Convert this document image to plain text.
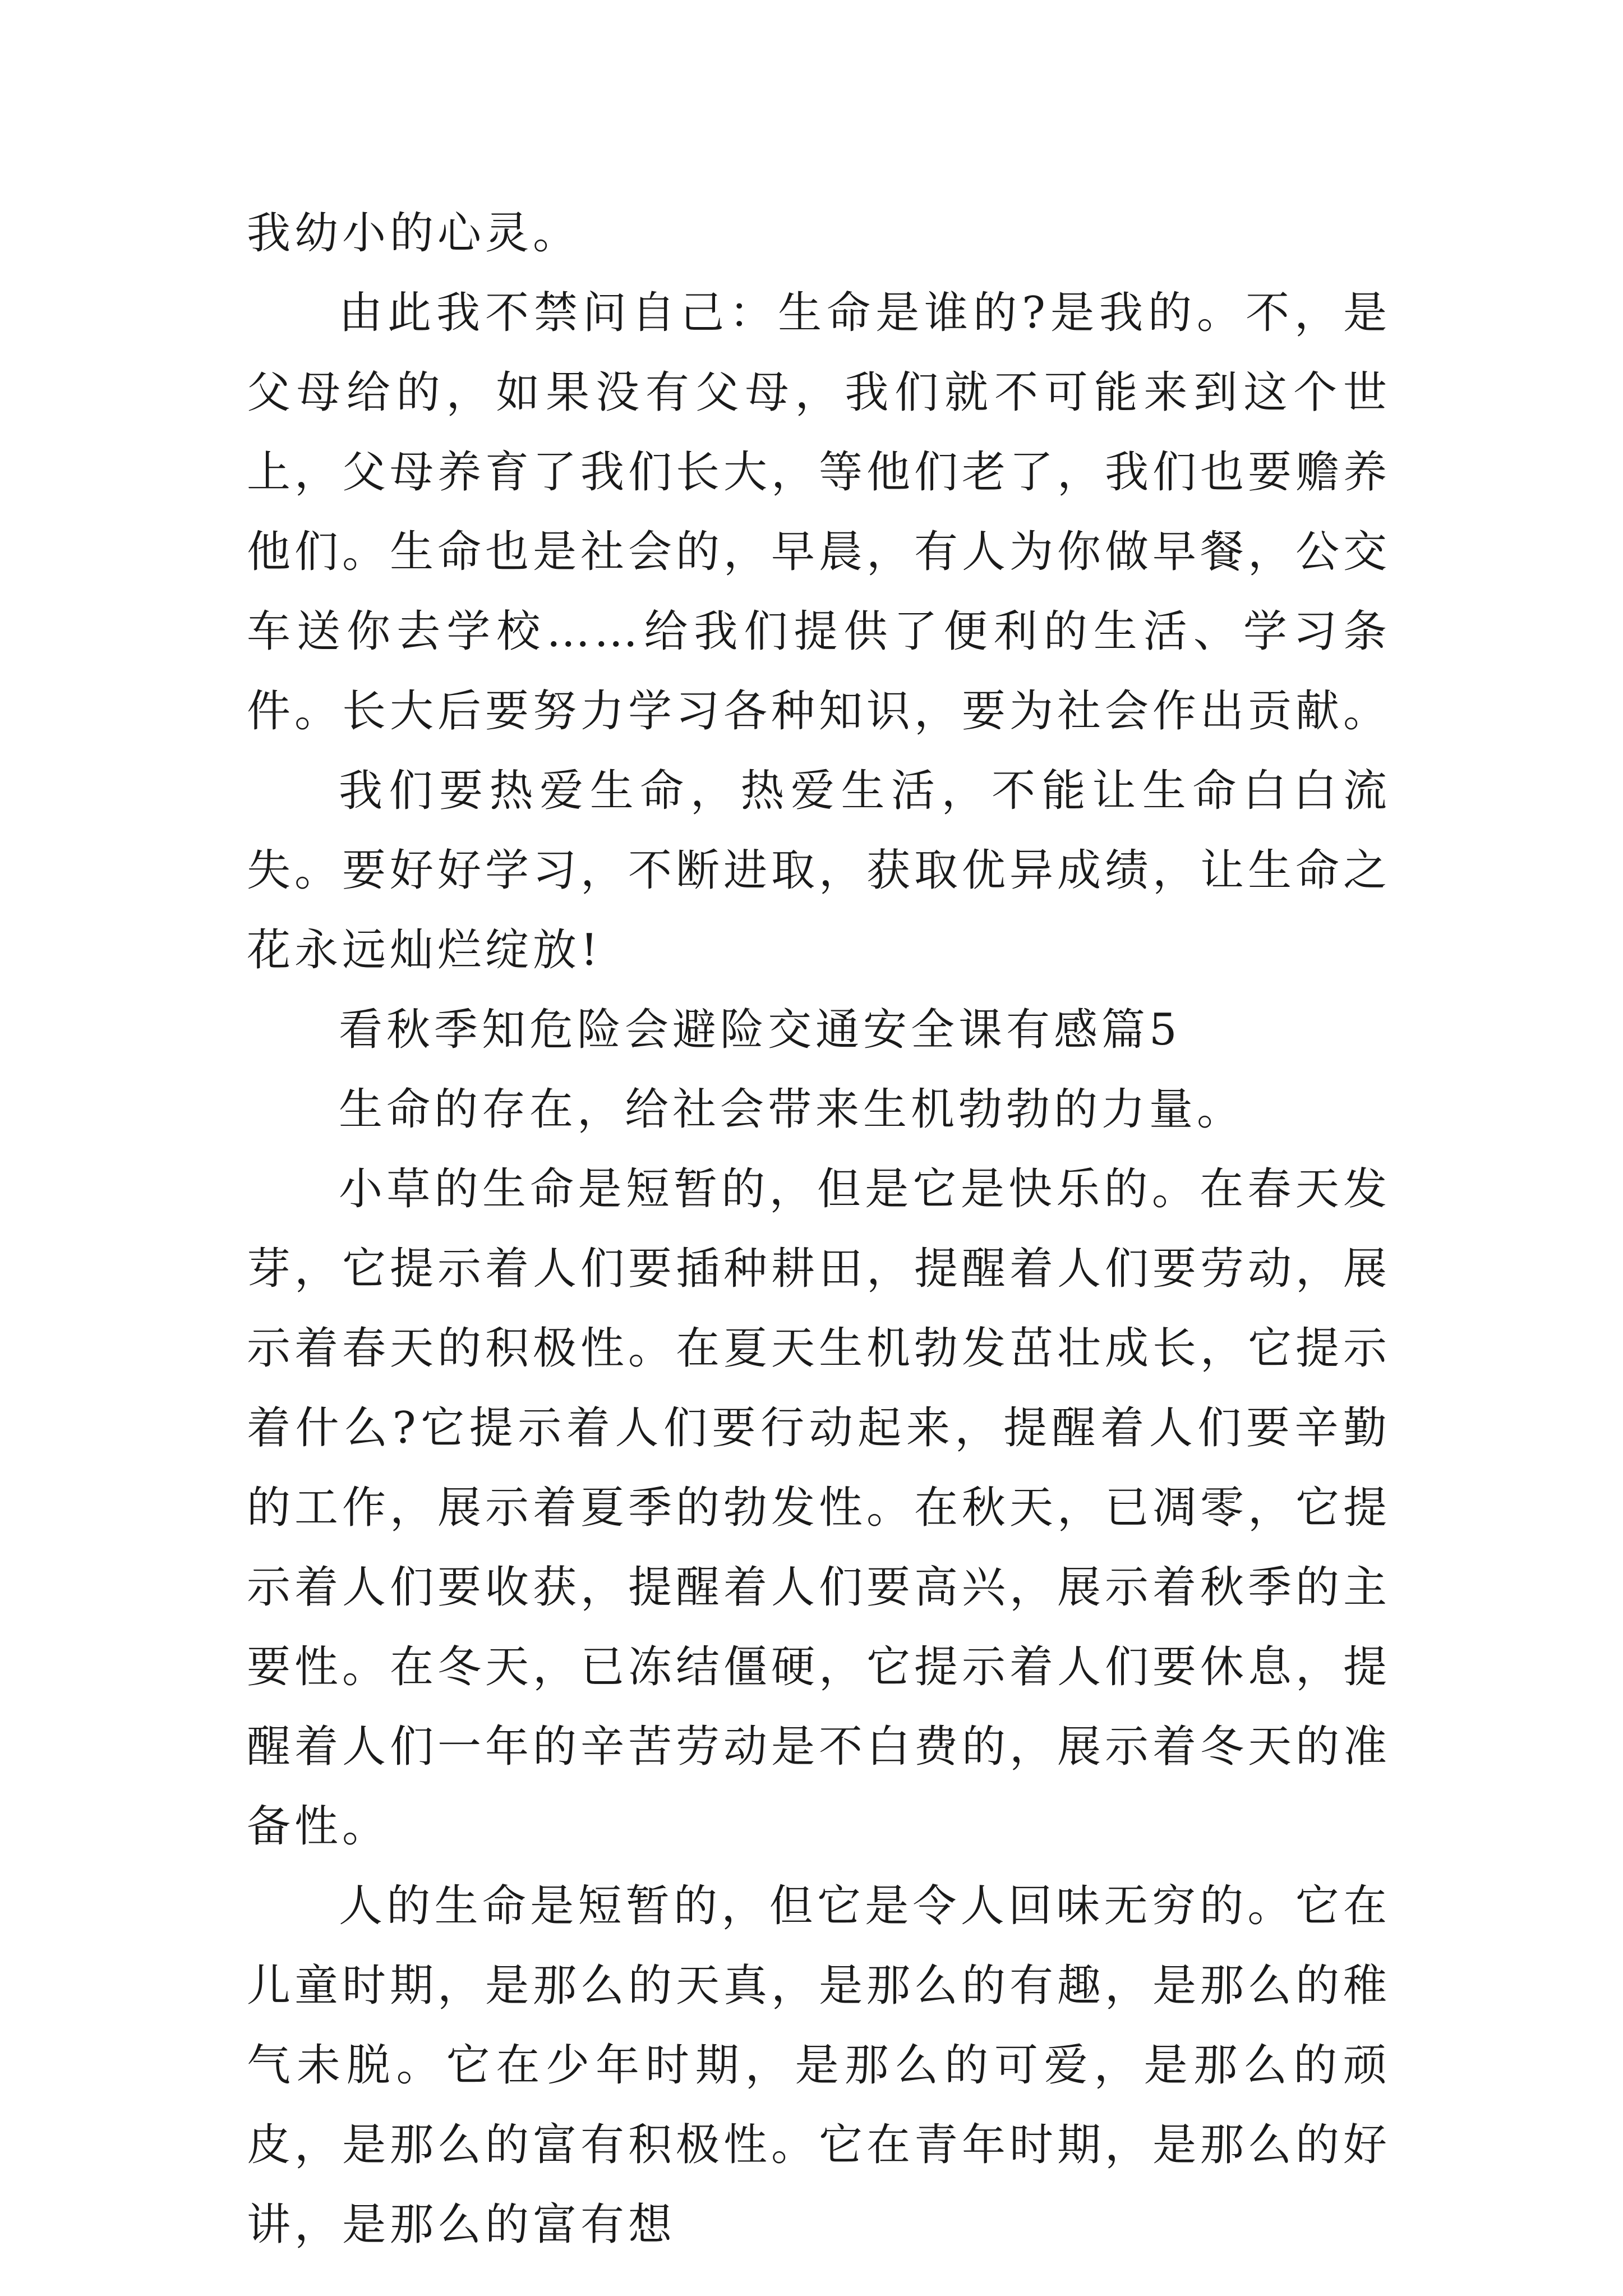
我幼小的心灵。

由此我不禁问自己：生命是谁的?是我的。不，是父母给的，如果没有父母，我们就不可能来到这个世上，父母养育了我们长大，等他们老了，我们也要赡养他们。生命也是社会的，早晨，有人为你做早餐，公交车送你去学校……给我们提供了便利的生活、学习条件。长大后要努力学习各种知识，要为社会作出贡献。

我们要热爱生命，热爱生活，不能让生命白白流失。要好好学习，不断进取，获取优异成绩，让生命之花永远灿烂绽放!

看秋季知危险会避险交通安全课有感篇5

生命的存在，给社会带来生机勃勃的力量。

小草的生命是短暂的，但是它是快乐的。在春天发芽，它提示着人们要插种耕田，提醒着人们要劳动，展示着春天的积极性。在夏天生机勃发茁壮成长，它提示着什么?它提示着人们要行动起来，提醒着人们要辛勤的工作，展示着夏季的勃发性。在秋天，已凋零，它提示着人们要收获，提醒着人们要高兴，展示着秋季的主要性。在冬天，已冻结僵硬，它提示着人们要休息，提醒着人们一年的辛苦劳动是不白费的，展示着冬天的准备性。

人的生命是短暂的，但它是令人回味无穷的。它在儿童时期，是那么的天真，是那么的有趣，是那么的稚气未脱。它在少年时期，是那么的可爱，是那么的顽皮，是那么的富有积极性。它在青年时期，是那么的好讲，是那么的富有想
